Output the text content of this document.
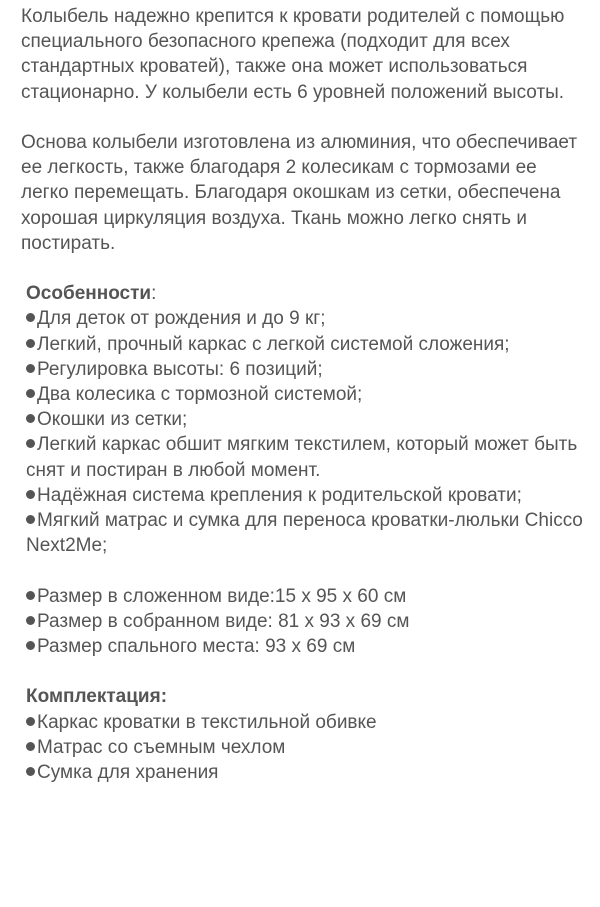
Колыбель надежно крепится к кровати родителей с помощью специального безопасного крепежа (подходит для всех стандартных кроватей), также она может использоваться стационарно. У колыбели есть 6 уровней положений высоты.

Основа колыбели изготовлена из алюминия, что обеспечивает ее легкость, также благодаря 2 колесикам с тормозами ее легко перемещать. Благодаря окошкам из сетки, обеспечена хорошая циркуляция воздуха. Ткань можно легко снять и постирать.

Особенности:

Для деток от рождения и до 9 кг;
Легкий, прочный каркас с легкой системой сложения;
Регулировка высоты: 6 позиций;
Два колесика с тормозной системой;
Окошки из сетки;
Легкий каркас обшит мягким текстилем, который может быть снят и постиран в любой момент.
Надёжная система крепления к родительской кровати;
Мягкий матрас и сумка для переноса кроватки-люльки Chicco Next2Me;
Размер в сложенном виде:15 х 95 х 60 см
Размер в собранном виде: 81 х 93 х 69 см
Размер спального места: 93 х 69 см

Комплектация:

Каркас кроватки в текстильной обивке
Матрас со съемным чехлом
Сумка для хранения
